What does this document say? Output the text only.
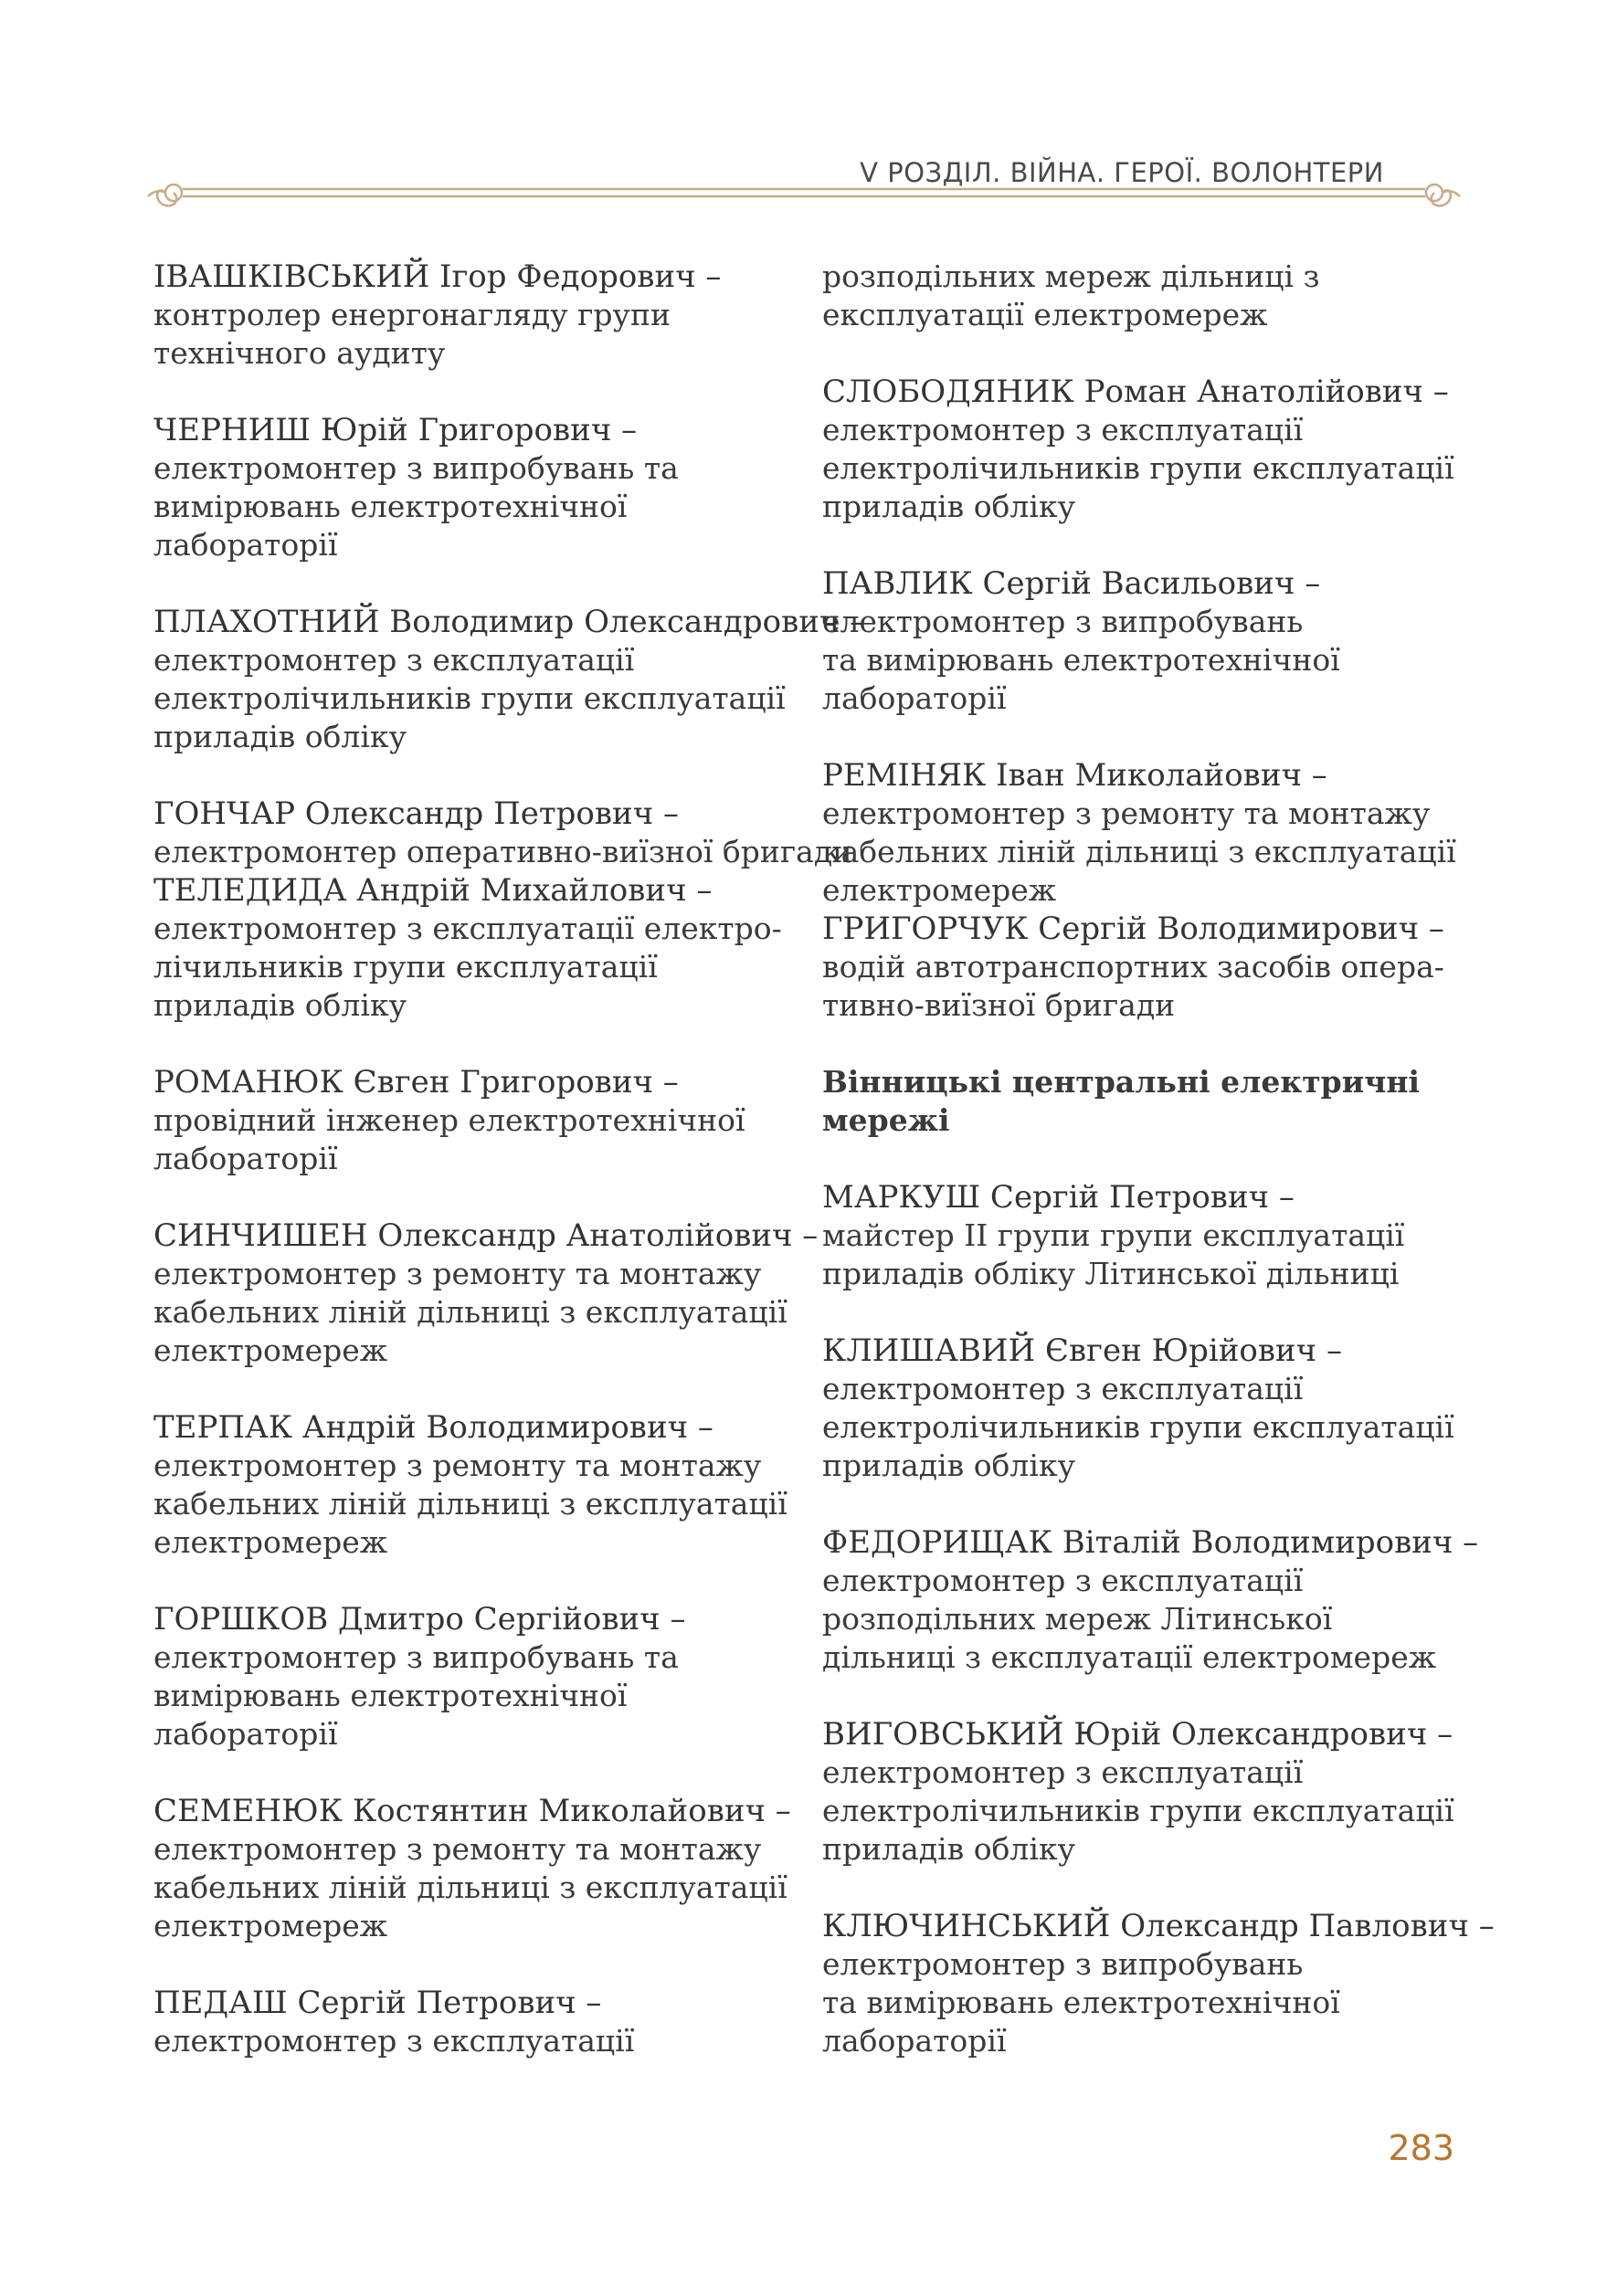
V РОЗДІЛ. ВІЙНА. ГЕРОЇ. ВОЛОНТЕРИ
ІВАШКІВСЬКИЙ Ігор Федорович –
контролер енергонагляду групи
технічного аудиту
ЧЕРНИШ Юрій Григорович –
електромонтер з випробувань та
вимірювань електротехнічної
лабораторії
ПЛАХОТНИЙ Володимир Олександрович –
електромонтер з експлуатації
електролічильників групи експлуатації
приладів обліку
ГОНЧАР Олександр Петрович –
електромонтер оперативно-виїзної бригади
ТЕЛЕДИДА Андрій Михайлович –
електромонтер з експлуатації електро-
лічильників групи експлуатації
приладів обліку
РОМАНЮК Євген Григорович –
провідний інженер електротехнічної
лабораторії
СИНЧИШЕН Олександр Анатолійович –
електромонтер з ремонту та монтажу
кабельних ліній дільниці з експлуатації
електромереж
ТЕРПАК Андрій Володимирович –
електромонтер з ремонту та монтажу
кабельних ліній дільниці з експлуатації
електромереж
ГОРШКОВ Дмитро Сергійович –
електромонтер з випробувань та
вимірювань електротехнічної
лабораторії
СЕМЕНЮК Костянтин Миколайович –
електромонтер з ремонту та монтажу
кабельних ліній дільниці з експлуатації
електромереж
ПЕДАШ Сергій Петрович –
електромонтер з експлуатації
розподільних мереж дільниці з
експлуатації електромереж
СЛОБОДЯНИК Роман Анатолійович –
електромонтер з експлуатації
електролічильників групи експлуатації
приладів обліку
ПАВЛИК Сергій Васильович –
електромонтер з випробувань
та вимірювань електротехнічної
лабораторії
РЕМІНЯК Іван Миколайович –
електромонтер з ремонту та монтажу
кабельних ліній дільниці з експлуатації
електромереж
ГРИГОРЧУК Сергій Володимирович –
водій автотранспортних засобів опера-
тивно-виїзної бригади
Вінницькі центральні електричні
мережі
МАРКУШ Сергій Петрович –
майстер ІІ групи групи експлуатації
приладів обліку Літинської дільниці
КЛИШАВИЙ Євген Юрійович –
електромонтер з експлуатації
електролічильників групи експлуатації
приладів обліку
ФЕДОРИЩАК Віталій Володимирович –
електромонтер з експлуатації
розподільних мереж Літинської
дільниці з експлуатації електромереж
ВИГОВСЬКИЙ Юрій Олександрович –
електромонтер з експлуатації
електролічильників групи експлуатації
приладів обліку
КЛЮЧИНСЬКИЙ Олександр Павлович –
електромонтер з випробувань
та вимірювань електротехнічної
лабораторії
283
